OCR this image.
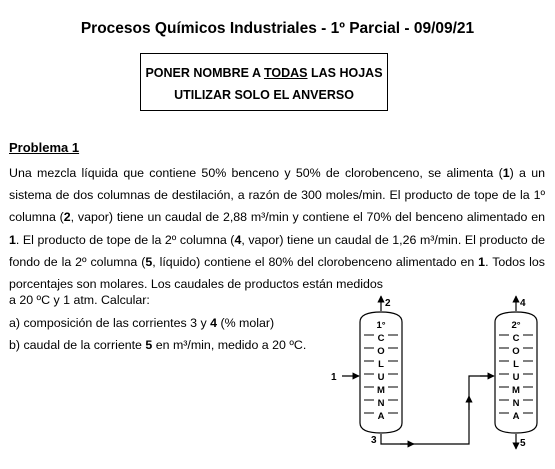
Procesos Químicos Industriales - 1º Parcial - 09/09/21
PONER NOMBRE A TODAS LAS HOJAS
UTILIZAR SOLO EL ANVERSO
Problema 1

Una mezcla líquida que contiene 50% benceno y 50% de clorobenceno, se alimenta (1) a un sistema de dos columnas de destilación, a razón de 300 moles/min. El producto de tope de la 1º columna (2, vapor) tiene un caudal de 2,88 m³/min y contiene el 70% del benceno alimentado en 1. El producto de tope de la 2º columna (4, vapor) tiene un caudal de 1,26 m³/min. El producto de fondo de la 2º columna (5, líquido) contiene el 80% del clorobenceno alimentado en 1. Todos los porcentajes son molares. Los caudales de productos están medidos

a 20 ºC y 1 atm. Calcular:
a) composición de las corrientes 3 y 4 (% molar)
b) caudal de la corriente 5 en m³/min, medido a 20 ºC.
1°
C
O
L
U
M
N
A
2°
C
O
L
U
M
N
A
1
2
3
4
5
